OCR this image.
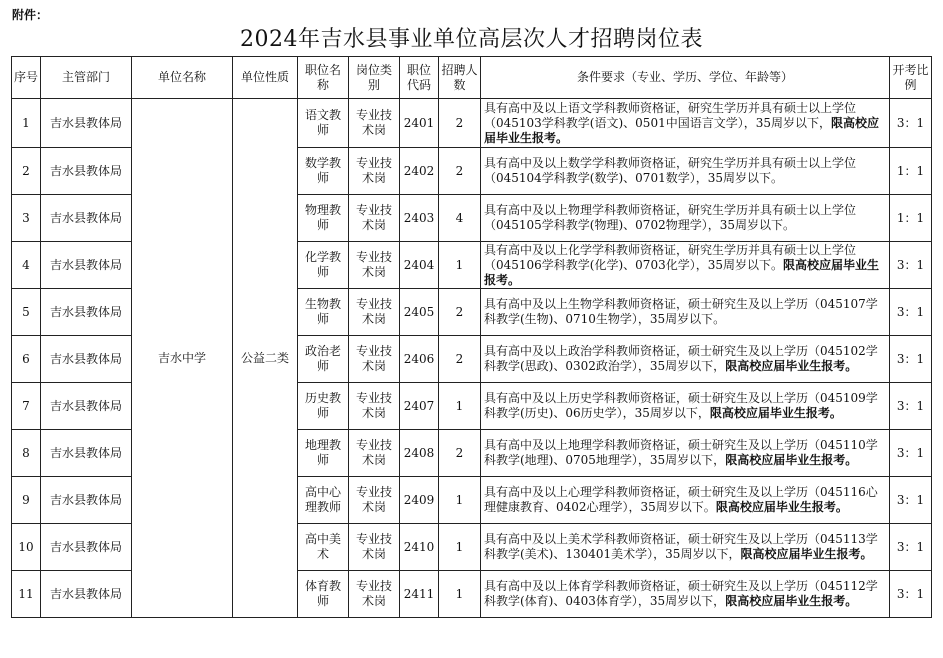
附件：
2024年吉水县事业单位高层次人才招聘岗位表
序号	主管部门	单位名称	单位性质	职位名称	岗位类别	职位代码	招聘人数	条件要求（专业、学历、学位、年龄等）	开考比例
1	吉水县教体局	吉水中学	公益二类	语文教师	专业技术岗	2401	2	具有高中及以上语文学科教师资格证，研究生学历并具有硕士以上学位（045103学科教学(语文)、0501中国语言文学），35周岁以下，限高校应届毕业生报考。	3：1
2	吉水县教体局			数学教师	专业技术岗	2402	2	具有高中及以上数学学科教师资格证，研究生学历并具有硕士以上学位（045104学科教学(数学)、0701数学），35周岁以下。	1：1
3	吉水县教体局			物理教师	专业技术岗	2403	4	具有高中及以上物理学科教师资格证，研究生学历并具有硕士以上学位（045105学科教学(物理)、0702物理学），35周岁以下。	1：1
4	吉水县教体局			化学教师	专业技术岗	2404	1	具有高中及以上化学学科教师资格证，研究生学历并具有硕士以上学位（045106学科教学(化学)、0703化学），35周岁以下。限高校应届毕业生报考。	3：1
5	吉水县教体局			生物教师	专业技术岗	2405	2	具有高中及以上生物学科教师资格证，硕士研究生及以上学历（045107学科教学(生物)、0710生物学），35周岁以下。	3：1
6	吉水县教体局			政治老师	专业技术岗	2406	2	具有高中及以上政治学科教师资格证，硕士研究生及以上学历（045102学科教学(思政)、0302政治学），35周岁以下，限高校应届毕业生报考。	3：1
7	吉水县教体局			历史教师	专业技术岗	2407	1	具有高中及以上历史学科教师资格证，硕士研究生及以上学历（045109学科教学(历史)、06历史学），35周岁以下，限高校应届毕业生报考。	3：1
8	吉水县教体局			地理教师	专业技术岗	2408	2	具有高中及以上地理学科教师资格证，硕士研究生及以上学历（045110学科教学(地理)、0705地理学），35周岁以下，限高校应届毕业生报考。	3：1
9	吉水县教体局			高中心理教师	专业技术岗	2409	1	具有高中及以上心理学科教师资格证，硕士研究生及以上学历（045116心理健康教育、0402心理学），35周岁以下。限高校应届毕业生报考。	3：1
10	吉水县教体局			高中美术	专业技术岗	2410	1	具有高中及以上美术学科教师资格证，硕士研究生及以上学历（045113学科教学(美术)、130401美术学），35周岁以下，限高校应届毕业生报考。	3：1
11	吉水县教体局			体育教师	专业技术岗	2411	1	具有高中及以上体育学科教师资格证，硕士研究生及以上学历（045112学科教学(体育)、0403体育学），35周岁以下，限高校应届毕业生报考。	3：1
